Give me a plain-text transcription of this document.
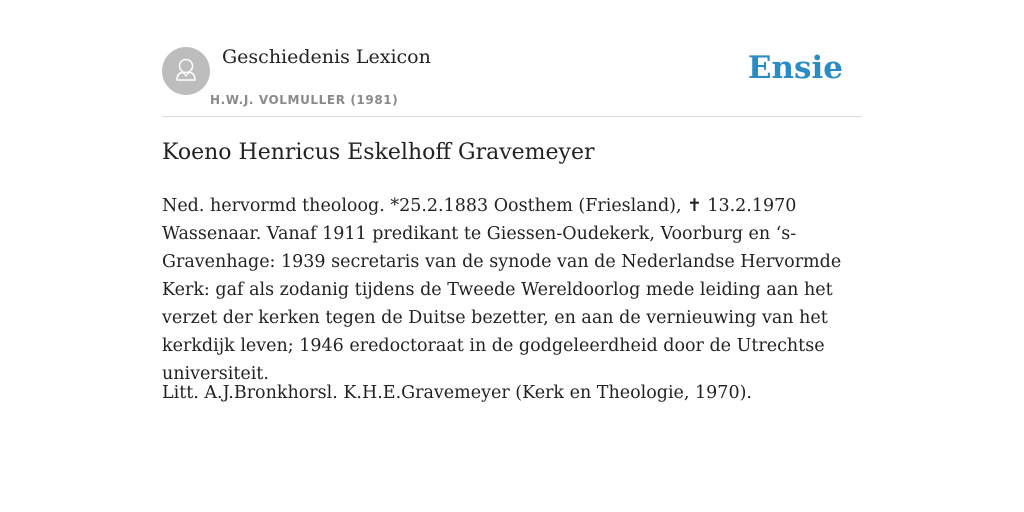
Geschiedenis Lexicon
H.W.J. VOLMULLER (1981)
Ensie
Koeno Henricus Eskelhoff Gravemeyer

Ned. hervormd theoloog. *25.2.1883 Oosthem (Friesland), ✝ 13.2.1970 Wassenaar. Vanaf 1911 predikant te Giessen-Oudekerk, Voorburg en ‘s-Gravenhage: 1939 secretaris van de synode van de Nederlandse Hervormde Kerk: gaf als zodanig tijdens de Tweede Wereldoorlog mede leiding aan het verzet der kerken tegen de Duitse bezetter, en aan de vernieuwing van het kerkdijk leven; 1946 eredoctoraat in de godgeleerdheid door de Utrechtse universiteit.

Litt. A.J.Bronkhorsl. K.H.E.Gravemeyer (Kerk en Theologie, 1970).
